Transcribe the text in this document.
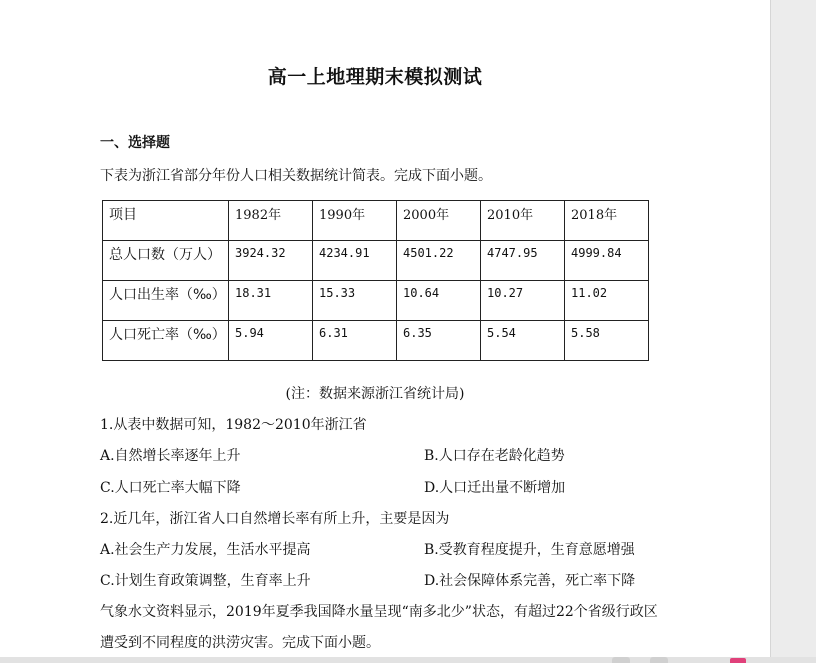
高一上地理期末模拟测试
一、选择题
下表为浙江省部分年份人口相关数据统计简表。完成下面小题。
项目	1982年	1990年	2000年	2010年	2018年
总人口数（万人）	3924.32	4234.91	4501.22	4747.95	4999.84
人口出生率（‰）	18.31	15.33	10.64	10.27	11.02
人口死亡率（‰）	5.94	6.31	6.35	5.54	5.58
(注：数据来源浙江省统计局)
1.从表中数据可知，1982～2010年浙江省
A.自然增长率逐年上升	B.人口存在老龄化趋势
C.人口死亡率大幅下降	D.人口迁出量不断增加
2.近几年，浙江省人口自然增长率有所上升，主要是因为
A.社会生产力发展，生活水平提高	B.受教育程度提升，生育意愿增强
C.计划生育政策调整，生育率上升	D.社会保障体系完善，死亡率下降
气象水文资料显示，2019年夏季我国降水量呈现“南多北少”状态，有超过22个省级行政区
遭受到不同程度的洪涝灾害。完成下面小题。
